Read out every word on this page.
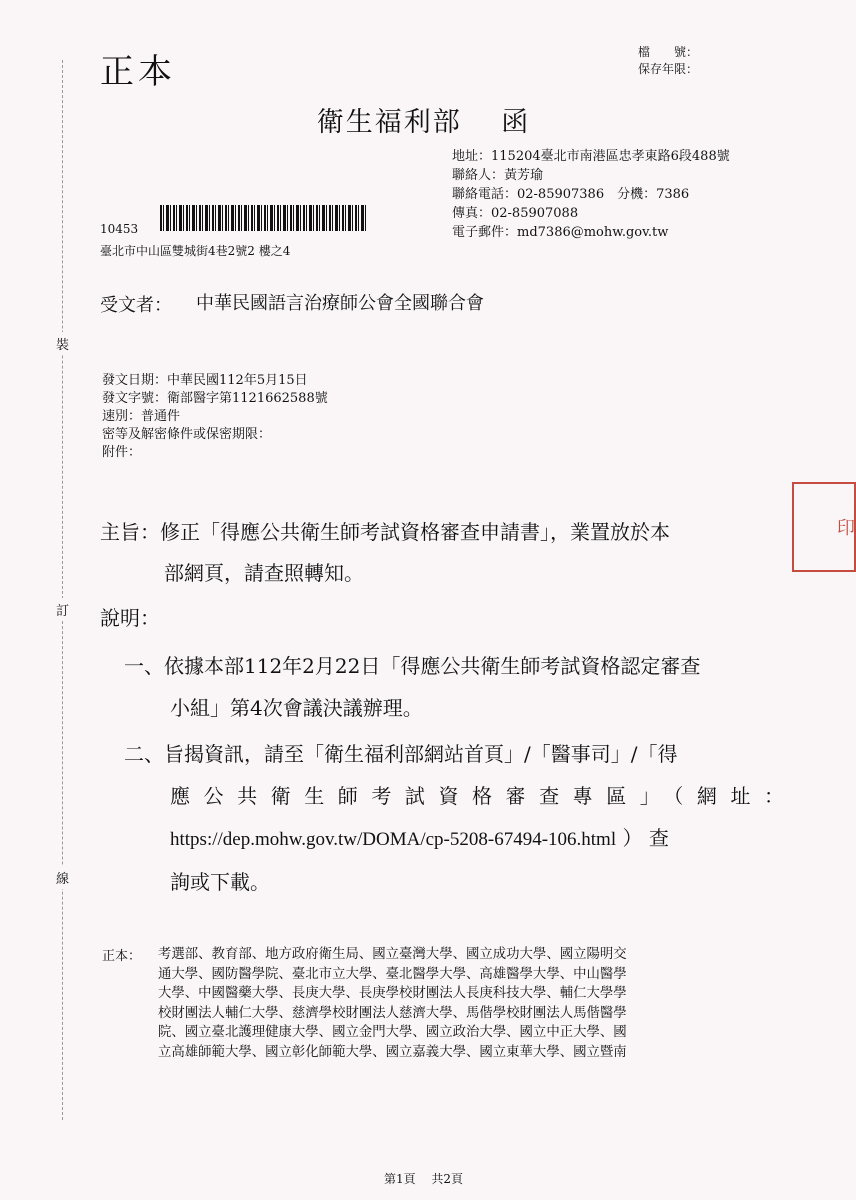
裝
訂
線
正本	檔　　號：
保存年限：
衛生福利部　 函
地址：115204臺北市南港區忠孝東路6段488號
聯絡人：黃芳瑜
聯絡電話：02-85907386　分機：7386
傳真：02-85907088
電子郵件：md7386@mohw.gov.tw
10453
臺北市中山區雙城街4巷2號2 樓之4
受文者： 中華民國語言治療師公會全國聯合會
發文日期：中華民國112年5月15日
發文字號：衛部醫字第1121662588號
速別：普通件
密等及解密條件或保密期限：
附件：
主旨：修正「得應公共衛生師考試資格審查申請書」，業置放於本
部網頁，請查照轉知。
說明：
一、依據本部112年2月22日「得應公共衛生師考試資格認定審查
小組」第4次會議決議辦理。
二、旨揭資訊，請至「衛生福利部網站首頁」/「醫事司」/「得
應公共衛生師考試資格審查專區」（網址：
https://dep.mohw.gov.tw/DOMA/cp-5208-67494-106.html ） 查
詢或下載。
正本： 考選部、教育部、地方政府衛生局、國立臺灣大學、國立成功大學、國立陽明交
通大學、國防醫學院、臺北市立大學、臺北醫學大學、高雄醫學大學、中山醫學
大學、中國醫藥大學、長庚大學、長庚學校財團法人長庚科技大學、輔仁大學學
校財團法人輔仁大學、慈濟學校財團法人慈濟大學、馬偕學校財團法人馬偕醫學
院、國立臺北護理健康大學、國立金門大學、國立政治大學、國立中正大學、國
立高雄師範大學、國立彰化師範大學、國立嘉義大學、國立東華大學、國立暨南
印
第1頁　 共2頁
